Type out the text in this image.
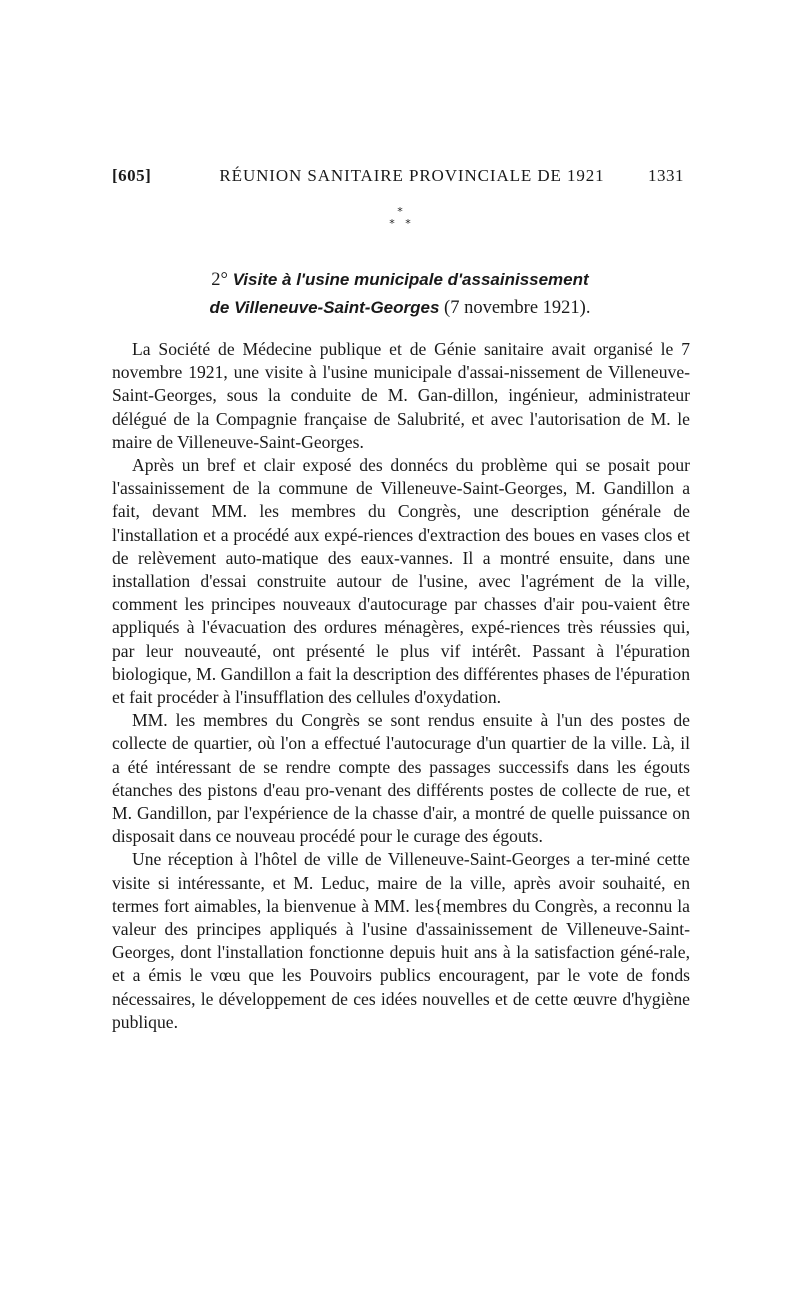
[605]	RÉUNION SANITAIRE PROVINCIALE DE 1921	1331
*
*   *
2° Visite à l'usine municipale d'assainissement
de Villeneuve-Saint-Georges (7 novembre 1921).

La Société de Médecine publique et de Génie sanitaire avait organisé le 7 novembre 1921, une visite à l'usine municipale d'assai-nissement de Villeneuve-Saint-Georges, sous la conduite de M. Gan-dillon, ingénieur, administrateur délégué de la Compagnie française de Salubrité, et avec l'autorisation de M. le maire de Villeneuve-Saint-Georges.

Après un bref et clair exposé des donnécs du problème qui se posait pour l'assainissement de la commune de Villeneuve-Saint-Georges, M. Gandillon a fait, devant MM. les membres du Congrès, une description générale de l'installation et a procédé aux expé-riences d'extraction des boues en vases clos et de relèvement auto-matique des eaux-vannes. Il a montré ensuite, dans une installation d'essai construite autour de l'usine, avec l'agrément de la ville, comment les principes nouveaux d'autocurage par chasses d'air pou-vaient être appliqués à l'évacuation des ordures ménagères, expé-riences très réussies qui, par leur nouveauté, ont présenté le plus vif intérêt. Passant à l'épuration biologique, M. Gandillon a fait la description des différentes phases de l'épuration et fait procéder à l'insufflation des cellules d'oxydation.

MM. les membres du Congrès se sont rendus ensuite à l'un des postes de collecte de quartier, où l'on a effectué l'autocurage d'un quartier de la ville. Là, il a été intéressant de se rendre compte des passages successifs dans les égouts étanches des pistons d'eau pro-venant des différents postes de collecte de rue, et M. Gandillon, par l'expérience de la chasse d'air, a montré de quelle puissance on disposait dans ce nouveau procédé pour le curage des égouts.

Une réception à l'hôtel de ville de Villeneuve-Saint-Georges a ter-miné cette visite si intéressante, et M. Leduc, maire de la ville, après avoir souhaité, en termes fort aimables, la bienvenue à MM. les{membres du Congrès, a reconnu la valeur des principes appliqués à l'usine d'assainissement de Villeneuve-Saint-Georges, dont l'installation fonctionne depuis huit ans à la satisfaction géné-rale, et a émis le vœu que les Pouvoirs publics encouragent, par le vote de fonds nécessaires, le développement de ces idées nouvelles et de cette œuvre d'hygiène publique.
